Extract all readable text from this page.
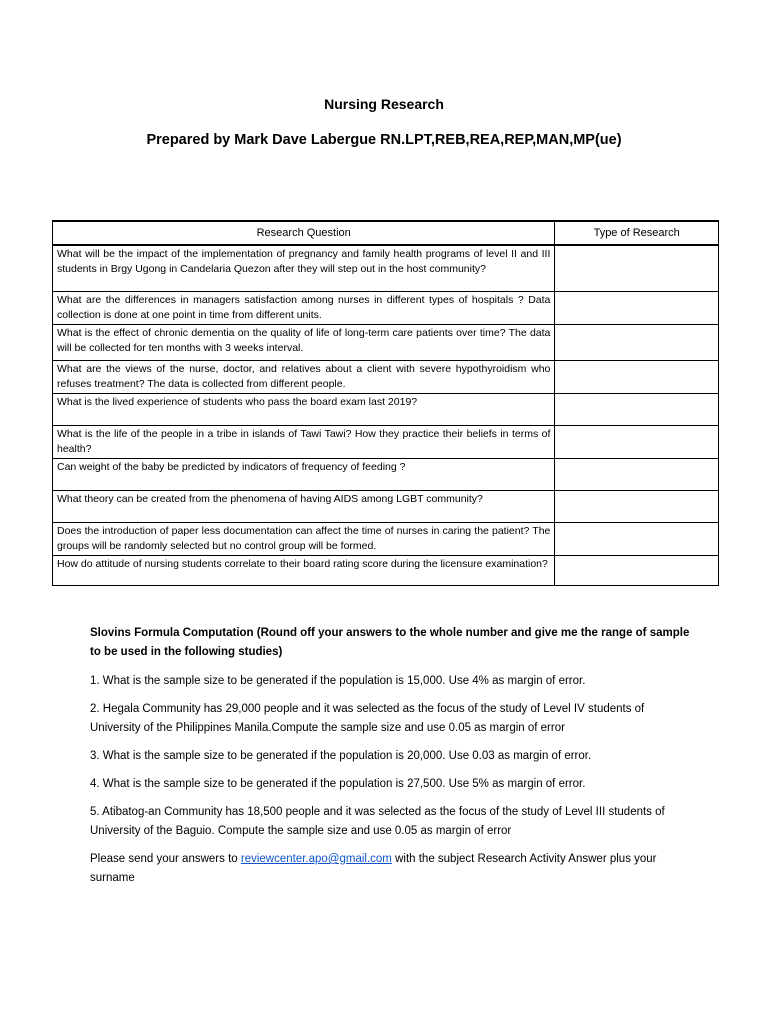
Nursing Research
Prepared by Mark Dave Labergue RN.LPT,REB,REA,REP,MAN,MP(ue)
Research Question	Type of Research
What will be the impact of the implementation of pregnancy and family health programs of level II and III students in Brgy Ugong in Candelaria Quezon after they will step out in the host community?	
What are the differences in managers satisfaction among nurses in different types of hospitals ? Data collection is done at one point in time from different units.	
What is the effect of chronic dementia on the quality of life of long-term care patients over time? The data will be collected for ten months with 3 weeks interval.	
What are the views of the nurse, doctor, and relatives about a client with severe hypothyroidism who refuses treatment? The data is collected from different people.	
What is the lived experience of students who pass the board exam last 2019?	
What is the life of the people in a tribe in islands of Tawi Tawi? How they practice their beliefs in terms of health?	
Can weight of the baby be predicted by indicators of frequency of feeding ?	
What theory can be created from the phenomena of having AIDS among LGBT community?	
Does the introduction of paper less documentation can affect the time of nurses in caring the patient? The groups will be randomly selected but no control group will be formed.	
How do attitude of nursing students correlate to their board rating score during the licensure examination?	

Slovins Formula Computation (Round off your answers to the whole number and give me the range of sample to be used in the following studies)

1. What is the sample size to be generated if the population is 15,000. Use 4% as margin of error.

2. Hegala Community has 29,000 people and it was selected as the focus of the study of Level IV students of University of the Philippines Manila.Compute the sample size and use 0.05 as margin of error

3. What is the sample size to be generated if the population is 20,000. Use 0.03 as margin of error.

4. What is the sample size to be generated if the population is 27,500. Use 5% as margin of error.

5. Atibatog-an Community has 18,500 people and it was selected as the focus of the study of Level III students of University of the Baguio. Compute the sample size and use 0.05 as margin of error

Please send your answers to reviewcenter.apo@gmail.com with the subject Research Activity Answer plus your surname
